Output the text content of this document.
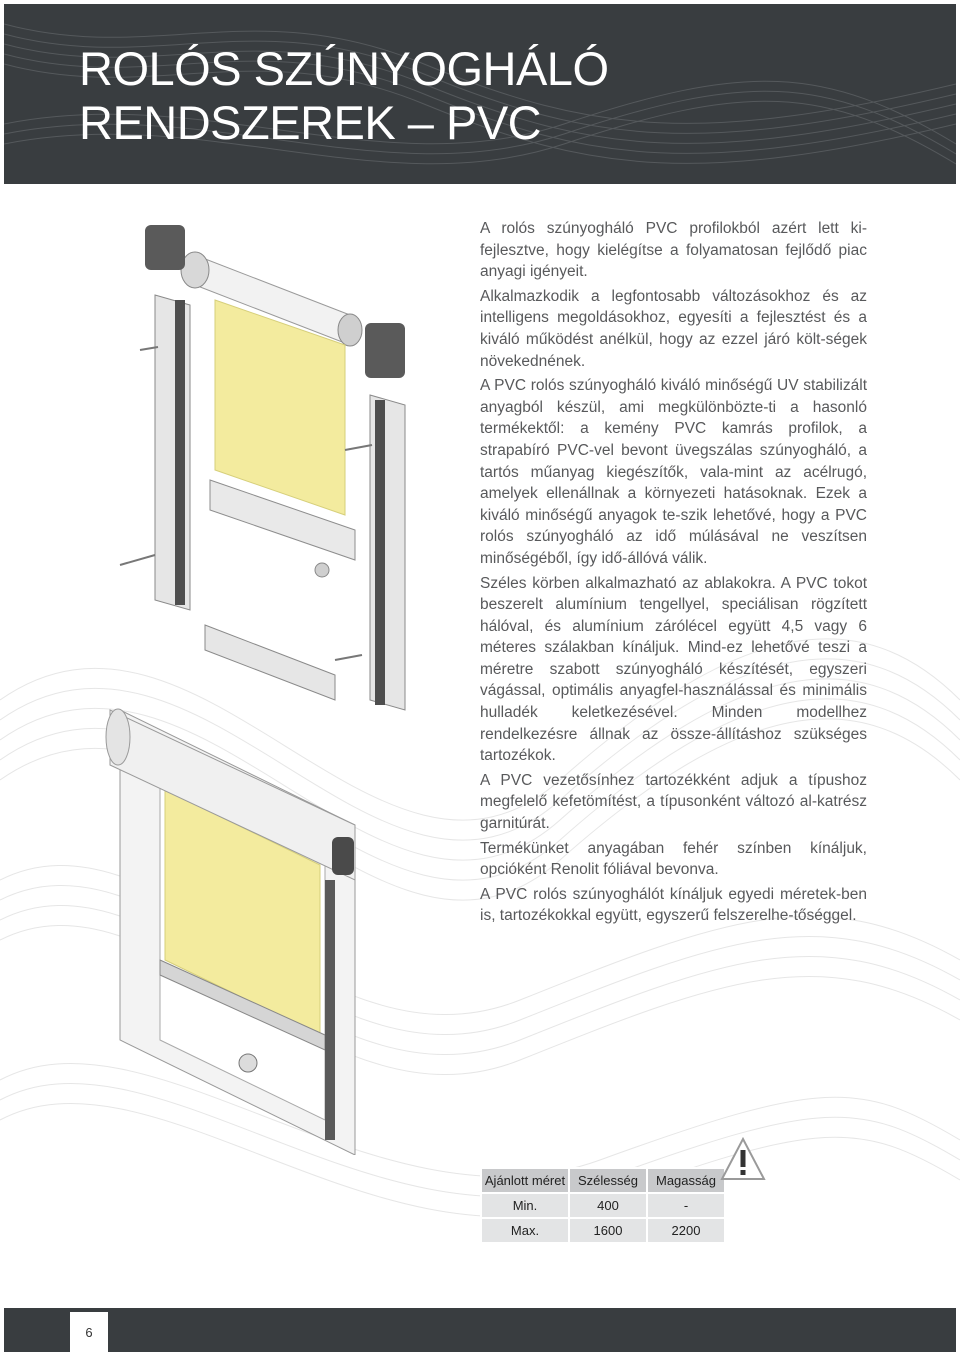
ROLÓS SZÚNYOGHÁLÓ
RENDSZEREK – PVC

A rolós szúnyogháló PVC profilokból azért lett ki-fejlesztve, hogy kielégítse a folyamatosan fejlődő piac anyagi igényeit.

Alkalmazkodik a legfontosabb változásokhoz és az intelligens megoldásokhoz, egyesíti a fejlesztést és a kiváló működést anélkül, hogy az ezzel járó költ-ségek növekednének.

A PVC rolós szúnyogháló kiváló minőségű UV stabilizált anyagból készül, ami megkülönbözte-ti a hasonló termékektől: a kemény PVC kamrás profilok, a strapabíró PVC-vel bevont üvegszálas szúnyogháló, a tartós műanyag kiegészítők, vala-mint az acélrugó, amelyek ellenállnak a környezeti hatásoknak. Ezek a kiváló minőségű anyagok te-szik lehetővé, hogy a PVC rolós szúnyogháló az idő múlásával ne veszítsen minőségéből, így idő-állóvá válik.

Széles körben alkalmazható az ablakokra. A PVC tokot beszerelt alumínium tengellyel, speciálisan rögzített hálóval, és alumínium zárólécel együtt 4,5 vagy 6 méteres szálakban kínáljuk. Mind-ez lehetővé teszi a méretre szabott szúnyogháló készítését, egyszeri vágással, optimális anyagfel-használással és minimális hulladék keletkezésével. Minden modellhez rendelkezésre állnak az össze-állításhoz szükséges tartozékok.

A PVC vezetősínhez tartozékként adjuk a típushoz megfelelő kefetömítést, a típusonként változó al-katrész garnitúrát.

Termékünket anyagában fehér színben kínáljuk, opcióként Renolit fóliával bevonva.

A PVC rolós szúnyoghálót kínáljuk egyedi méretek-ben is, tartozékokkal együtt, egyszerű felszerelhe-tőséggel.

Ajánlott méret	Szélesség	Magasság
Min.	400	-
Max.	1600	2200
6
